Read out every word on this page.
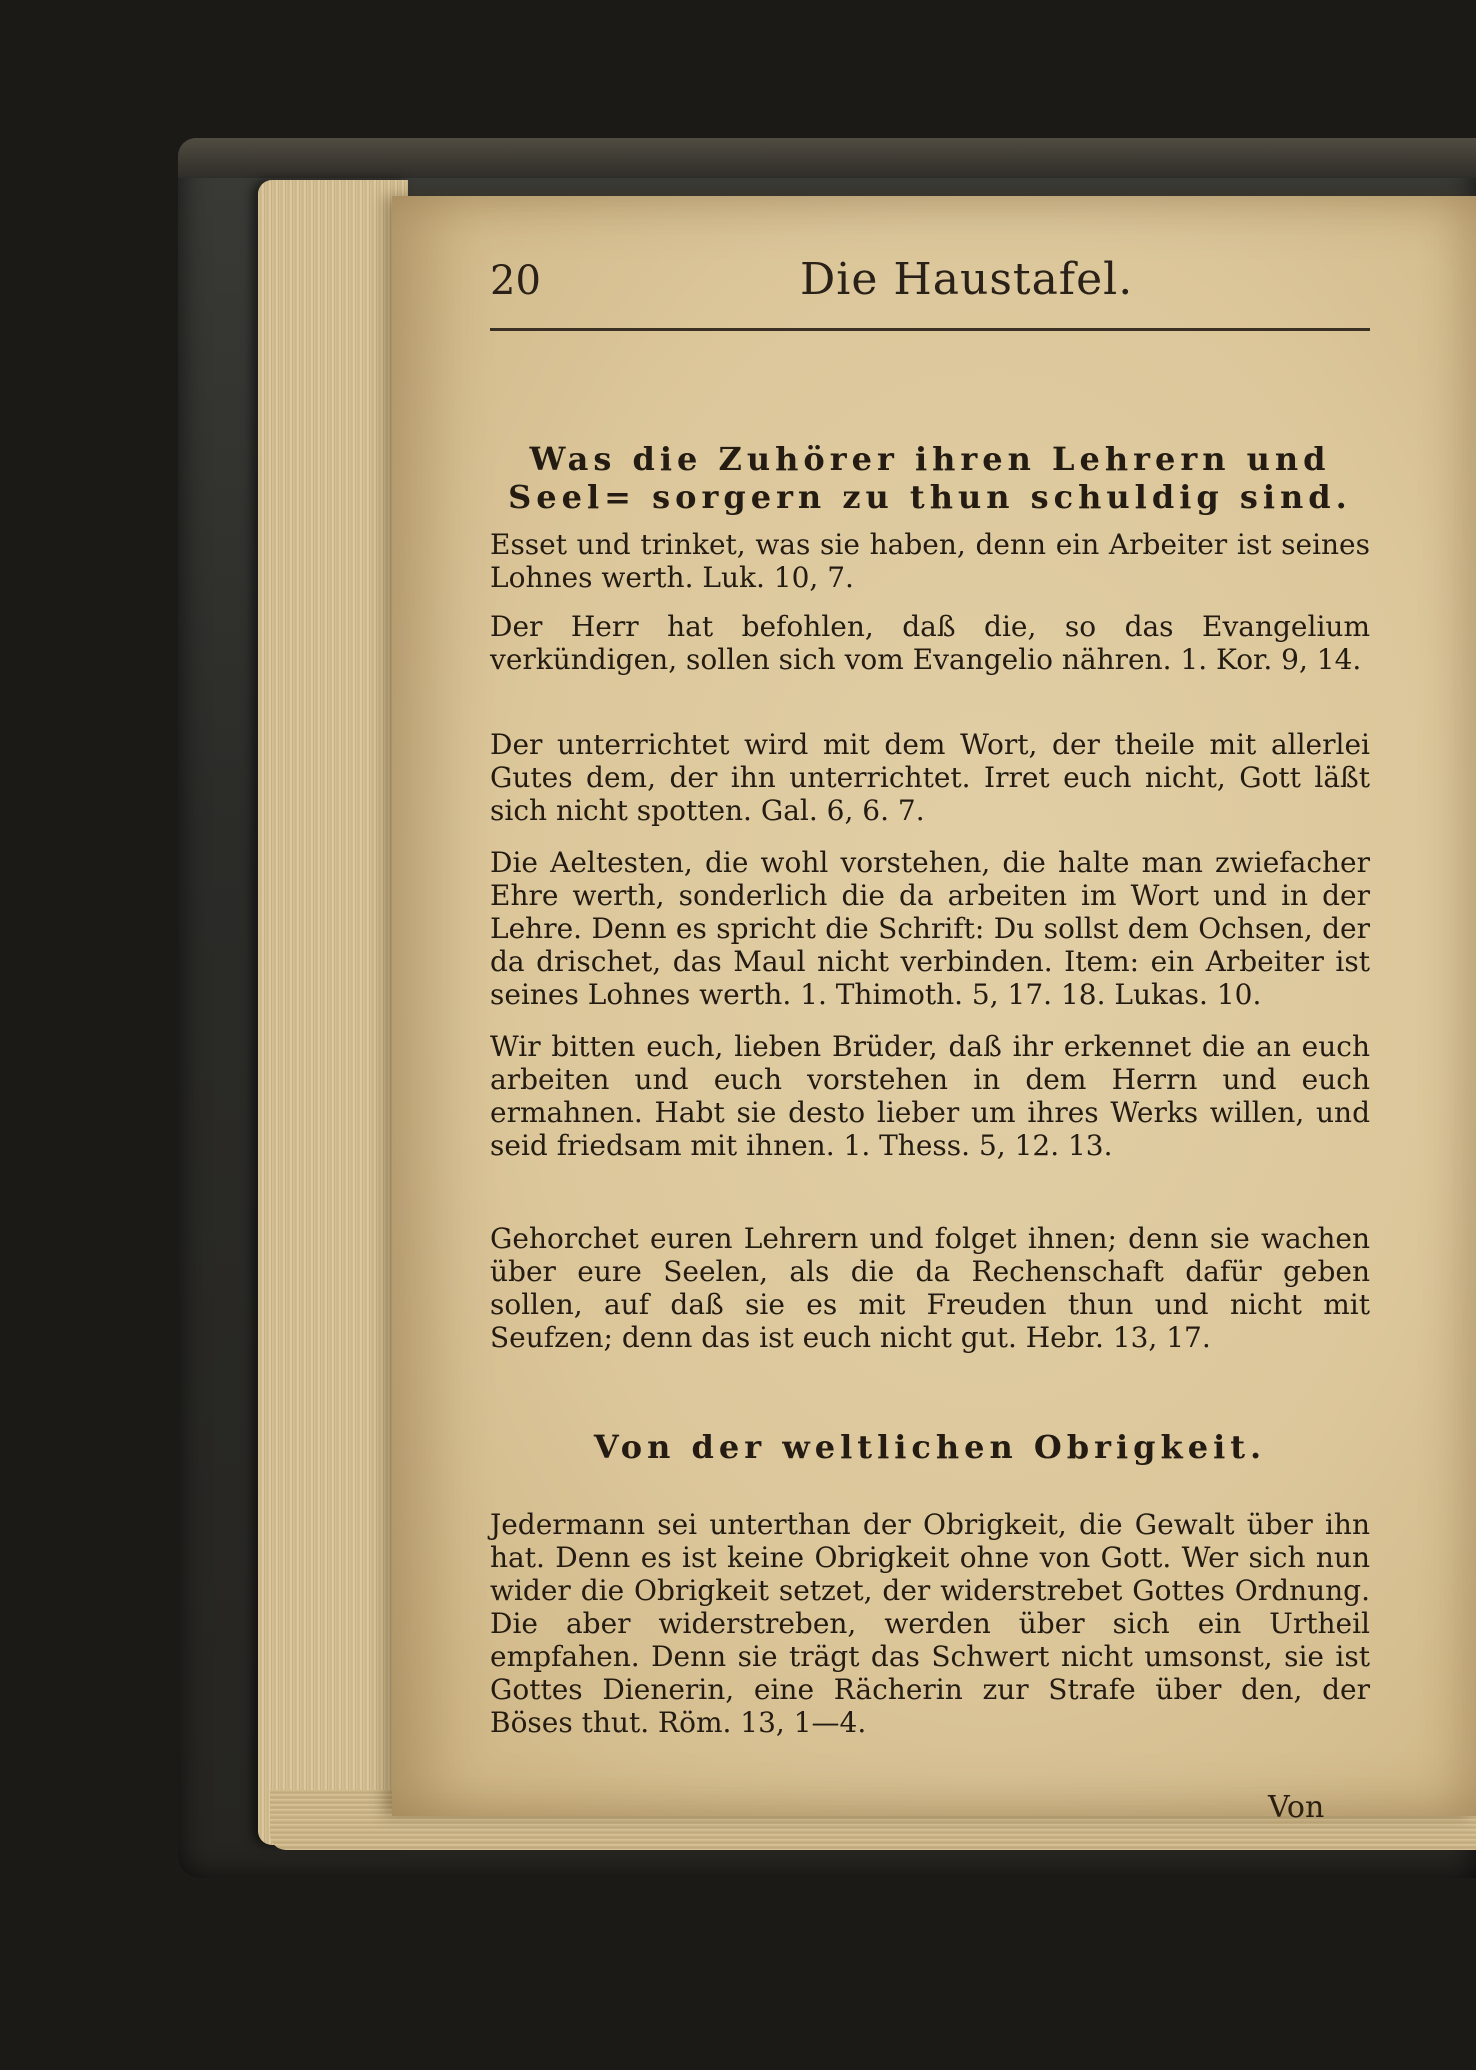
20	Die Haustafel.
Was die Zuhörer ihren Lehrern und Seel= sorgern zu thun schuldig sind.
Esset und trinket, was sie haben, denn ein Arbeiter ist seines Lohnes werth. Luk. 10, 7.
Der Herr hat befohlen, daß die, so das Evangelium verkündigen, sollen sich vom Evangelio nähren. 1. Kor. 9, 14.
Der unterrichtet wird mit dem Wort, der theile mit allerlei Gutes dem, der ihn unterrichtet. Irret euch nicht, Gott läßt sich nicht spotten. Gal. 6, 6. 7.
Die Aeltesten, die wohl vorstehen, die halte man zwiefacher Ehre werth, sonderlich die da arbeiten im Wort und in der Lehre. Denn es spricht die Schrift: Du sollst dem Ochsen, der da drischet, das Maul nicht verbinden. Item: ein Arbeiter ist seines Lohnes werth. 1. Thimoth. 5, 17. 18. Lukas. 10.
Wir bitten euch, lieben Brüder, daß ihr erkennet die an euch arbeiten und euch vorstehen in dem Herrn und euch ermahnen. Habt sie desto lieber um ihres Werks willen, und seid friedsam mit ihnen. 1. Thess. 5, 12. 13.
Gehorchet euren Lehrern und folget ihnen; denn sie wachen über eure Seelen, als die da Rechenschaft dafür geben sollen, auf daß sie es mit Freuden thun und nicht mit Seufzen; denn das ist euch nicht gut. Hebr. 13, 17.
Von der weltlichen Obrigkeit.
Jedermann sei unterthan der Obrigkeit, die Gewalt über ihn hat. Denn es ist keine Obrigkeit ohne von Gott. Wer sich nun wider die Obrigkeit setzet, der widerstrebet Gottes Ordnung. Die aber widerstreben, werden über sich ein Urtheil empfahen. Denn sie trägt das Schwert nicht umsonst, sie ist Gottes Dienerin, eine Rächerin zur Strafe über den, der Böses thut. Röm. 13, 1—4.
Von
